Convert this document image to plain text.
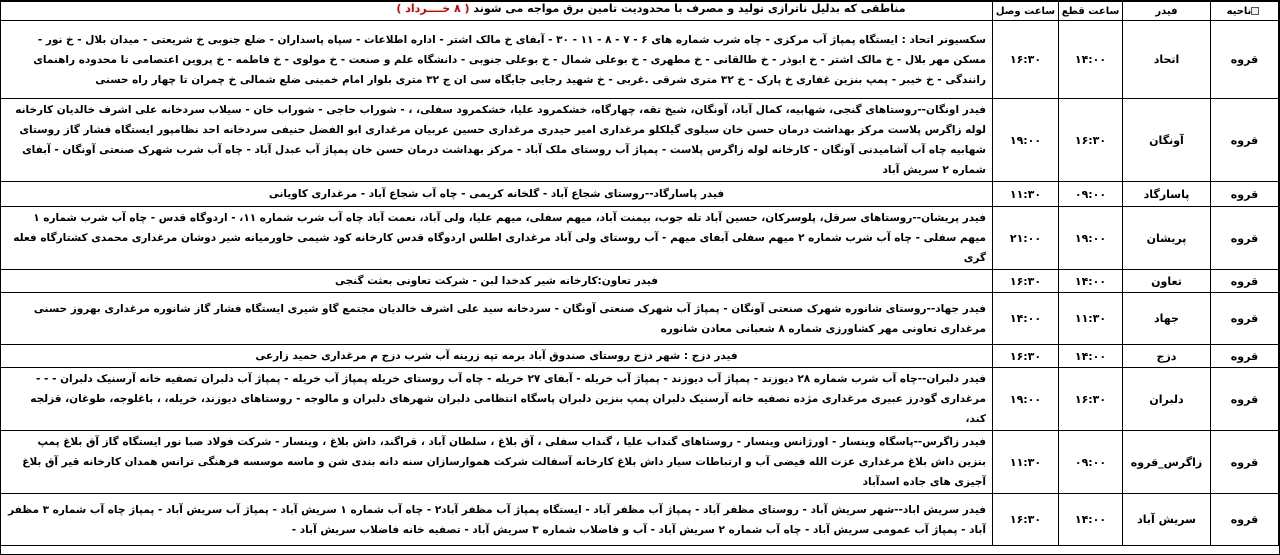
مناطقی که بدلیل ناترازی تولید و مصرف با محدودیت تامین برق مواجه می شوند ( ۸ خــــرداد )	ناحیه	فیدر	ساعت قطع	ساعت وصل	
قروه	اتحاد	۱۴:۰۰	۱۶:۳۰	سکسیونر اتحاد : ایستگاه پمپاژ آب مرکزی - چاه شرب شماره های ۶ - ۷ - ۸ - ۱۱ - ۳۰ - آبفای خ مالک اشتر - اداره اطلاعات - سپاه پاسداران - ضلع جنوبی خ شریعتی - میدان بلال - خ نور - مسکن مهر بلال - خ مالک اشتر - خ ابوذر - خ طالقانی - خ مطهری - خ بوعلی شمال - خ بوعلی جنوبی - دانشگاه علم و صنعت - خ مولوی - خ فاطمه - خ پروین اعتصامی تا محدوده راهنمای رانندگی - خ خیبر - پمپ بنزین غفاری خ پارک - خ ۳۲ متری شرقی .غربی - خ شهید رجایی جایگاه سی ان ج ۳۲ متری بلوار امام خمینی ضلع شمالی خ چمران تا چهار راه حسنی
قروه	آونگان	۱۶:۳۰	۱۹:۰۰	فیدر اونگان--روستاهای گنجی، شهابیه، کمال آباد، آونگان، شیخ تقه، چهارگاه، خشکمرود علیا، خشکمرود سفلی، ، - شوراب حاجی - شوراب خان - سیلاب سردخانه علی اشرف خالدیان کارخانه لوله زاگرس پلاست مرکز بهداشت درمان حسن خان سیلوی گیلکلو مرغداری امیر حیدری مرغداری حسین عربیان مرغداری ابو الفضل حنیفی سردخانه احد نظامپور ایستگاه فشار گاز روستای شهابیه چاه آب آشامیدنی آونگان - کارخانه لوله زاگرس پلاست - پمپاژ آب روستای ملک آباد - مرکز بهداشت درمان حسن خان پمپاژ آب عبدل آباد - چاه آب شرب شهرک صنعتی آونگان - آبفای شماره ۲ سریش آباد
قروه	پاسارگاد	۰۹:۰۰	۱۱:۳۰	فیدر پاسارگاد--روستای شجاع آباد - گلخانه کریمی - چاه آب شجاع آباد - مرغداری کاویانی
قروه	پریشان	۱۹:۰۰	۲۱:۰۰	فیدر پریشان--روستاهای سرقل، پلوسرکان، حسین آباد تله جوب، بیمنت آباد، میهم سفلی، میهم علیا، ولی آباد، نعمت آباد چاه آب شرب شماره ۱۱، - اردوگاه قدس - چاه آب شرب شماره ۱ میهم سفلی - چاه آب شرب شماره ۲ میهم سفلی آبفای میهم - آب روستای ولی آباد مرغداری اطلس اردوگاه قدس کارخانه کود شیمی خاورمیانه شیر دوشان مرغداری محمدی کشتارگاه فعله گری
قروه	تعاون	۱۴:۰۰	۱۶:۳۰	فیدر تعاون:کارخانه شیر کدخدا لبن - شرکت تعاونی بعثت گنجی
قروه	جهاد	۱۱:۳۰	۱۴:۰۰	فیدر جهاد--روستای شانوره شهرک صنعتی آونگان - پمپاژ آب شهرک صنعتی آونگان - سردخانه سید علی اشرف خالدیان مجتمع گاو شیری ایستگاه فشار گاز شانوره مرغداری بهروز حسنی مرغداری تعاونی مهر کشاورزی شماره ۸ شعبانی معادن شانوره
قروه	دزج	۱۴:۰۰	۱۶:۳۰	فیدر دزج : شهر دزج روستای صندوق آباد برمه تپه زرینه آب شرب دزج م مرغداری حمید زارعی
قروه	دلبران	۱۶:۳۰	۱۹:۰۰	فیدر دلبران--چاه آب شرب شماره ۲۸ دیوزند - پمپاژ آب دیوزند - پمپاژ آب خریله - آبفای ۲۷ خریله - چاه آب روستای خریله پمپاژ آب خریله - پمپاژ آب دلبران تصفیه خانه آرسنیک دلبران - - - مرغداری گودرز عبیری مرغداری مژده تصفیه خانه آرسنیک دلبران پمپ بنزین دلبران پاسگاه انتظامی دلبران شهرهای دلبران و مالوجه - روستاهای دیوزند، خریله، ، باغلوجه، طوغان، قزلجه کند،
قروه	زاگرس_قروه	۰۹:۰۰	۱۱:۳۰	فیدر زاگرس--پاسگاه وینسار - اورژانس وینسار - روستاهای گنداب علیا ، گنداب سفلی ، آق بلاغ ، سلطان آباد ، قراگند، داش بلاغ ، وینسار - شرکت فولاد صبا نور ایستگاه گاز آق بلاغ پمپ بنزین داش بلاغ مرغداری عزت الله فیضی آب و ارتباطات سیار داش بلاغ کارخانه آسفالت شرکت هموارسازان سنه دانه بندی شن و ماسه موسسه فرهنگی ترانس همدان کارخانه قیر آق بلاغ آجیزی های جاده اسدآباد
قروه	سریش آباد	۱۴:۰۰	۱۶:۳۰	فیدر سریش اباد--شهر سریش آباد - روستای مظفر آباد - پمپاژ آب مظفر آباد - ایستگاه پمپاژ آب مظفر آباد۲ - چاه آب شماره ۱ سریش آباد - پمپاژ آب سریش آباد - پمپاژ چاه آب شماره ۳ مظفر آباد - پمپاژ آب عمومی سریش آباد - چاه آب شماره ۲ سریش آباد - آب و فاضلاب شماره ۳ سریش آباد - تصفیه خانه فاضلاب سریش آباد -
